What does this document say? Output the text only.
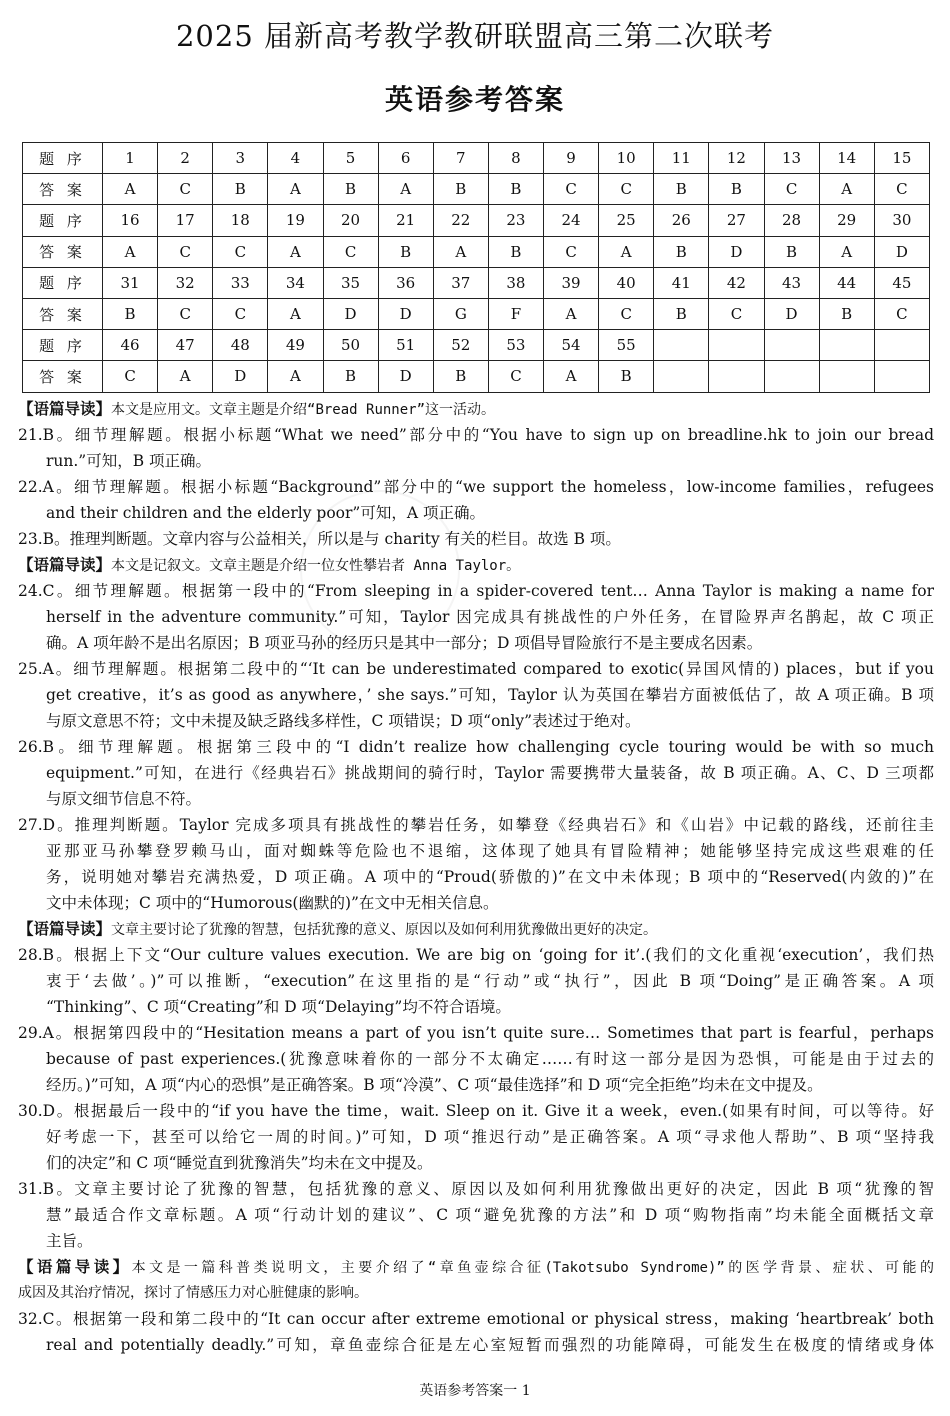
2025 届新高考教学教研联盟高三第二次联考
英语参考答案
题 序	1	2	3	4	5	6	7	8	9	10	11	12	13	14	15
答 案	A	C	B	A	B	A	B	B	C	C	B	B	C	A	C
题 序	16	17	18	19	20	21	22	23	24	25	26	27	28	29	30
答 案	A	C	C	A	C	B	A	B	C	A	B	D	B	A	D
题 序	31	32	33	34	35	36	37	38	39	40	41	42	43	44	45
答 案	B	C	C	A	D	D	G	F	A	C	B	C	D	B	C
题 序	46	47	48	49	50	51	52	53	54	55					
答 案	C	A	D	A	B	D	B	C	A	B					
【语篇导读】本文是应用文。文章主题是介绍“Bread Runner”这一活动。
21.B。细节理解题。根据小标题“What we need”部分中的“You have to sign up on breadline.hk to join our bread
run.”可知，B 项正确。
22.A。细节理解题。根据小标题“Background”部分中的“we support the homeless，low-income families，refugees
and their children and the elderly poor”可知，A 项正确。
23.B。推理判断题。文章内容与公益相关，所以是与 charity 有关的栏目。故选 B 项。
【语篇导读】本文是记叙文。文章主题是介绍一位女性攀岩者 Anna Taylor。
24.C。细节理解题。根据第一段中的“From sleeping in a spider-covered tent… Anna Taylor is making a name for
herself in the adventure community.”可知，Taylor 因完成具有挑战性的户外任务，在冒险界声名鹊起，故 C 项正
确。A 项年龄不是出名原因；B 项亚马孙的经历只是其中一部分；D 项倡导冒险旅行不是主要成名因素。
25.A。细节理解题。根据第二段中的“‘It can be underestimated compared to exotic(异国风情的) places，but if you
get creative，it’s as good as anywhere，’ she says.”可知，Taylor 认为英国在攀岩方面被低估了，故 A 项正确。B 项
与原文意思不符；文中未提及缺乏路线多样性，C 项错误；D 项“only”表述过于绝对。
26.B。细节理解题。根据第三段中的“I didn’t realize how challenging cycle touring would be with so much
equipment.”可知，在进行《经典岩石》挑战期间的骑行时，Taylor 需要携带大量装备，故 B 项正确。A、C、D 三项都
与原文细节信息不符。
27.D。推理判断题。Taylor 完成多项具有挑战性的攀岩任务，如攀登《经典岩石》和《山岩》中记载的路线，还前往圭
亚那亚马孙攀登罗赖马山，面对蜘蛛等危险也不退缩，这体现了她具有冒险精神；她能够坚持完成这些艰难的任
务，说明她对攀岩充满热爱，D 项正确。A 项中的“Proud(骄傲的)”在文中未体现；B 项中的“Reserved(内敛的)”在
文中未体现；C 项中的“Humorous(幽默的)”在文中无相关信息。
【语篇导读】文章主要讨论了犹豫的智慧，包括犹豫的意义、原因以及如何利用犹豫做出更好的决定。
28.B。根据上下文“Our culture values execution. We are big on ‘going for it’.(我们的文化重视‘execution’，我们热
衷于‘去做’。)”可以推断，“execution”在这里指的是“行动”或“执行”，因此 B 项“Doing”是正确答案。A 项
“Thinking”、C 项“Creating”和 D 项“Delaying”均不符合语境。
29.A。根据第四段中的“Hesitation means a part of you isn’t quite sure… Sometimes that part is fearful，perhaps
because of past experiences.(犹豫意味着你的一部分不太确定……有时这一部分是因为恐惧，可能是由于过去的
经历。)”可知，A 项“内心的恐惧”是正确答案。B 项“冷漠”、C 项“最佳选择”和 D 项“完全拒绝”均未在文中提及。
30.D。根据最后一段中的“if you have the time，wait. Sleep on it. Give it a week，even.(如果有时间，可以等待。好
好考虑一下，甚至可以给它一周的时间。)”可知，D 项“推迟行动”是正确答案。A 项“寻求他人帮助”、B 项“坚持我
们的决定”和 C 项“睡觉直到犹豫消失”均未在文中提及。
31.B。文章主要讨论了犹豫的智慧，包括犹豫的意义、原因以及如何利用犹豫做出更好的决定，因此 B 项“犹豫的智
慧”最适合作文章标题。A 项“行动计划的建议”、C 项“避免犹豫的方法”和 D 项“购物指南”均未能全面概括文章
主旨。
【语篇导读】本文是一篇科普类说明文，主要介绍了“章鱼壶综合征(Takotsubo Syndrome)”的医学背景、症状、可能的
成因及其治疗情况，探讨了情感压力对心脏健康的影响。
32.C。根据第一段和第二段中的“It can occur after extreme emotional or physical stress，making ‘heartbreak’ both
real and potentially deadly.”可知，章鱼壶综合征是左心室短暂而强烈的功能障碍，可能发生在极度的情绪或身体
英语参考答案一 1
